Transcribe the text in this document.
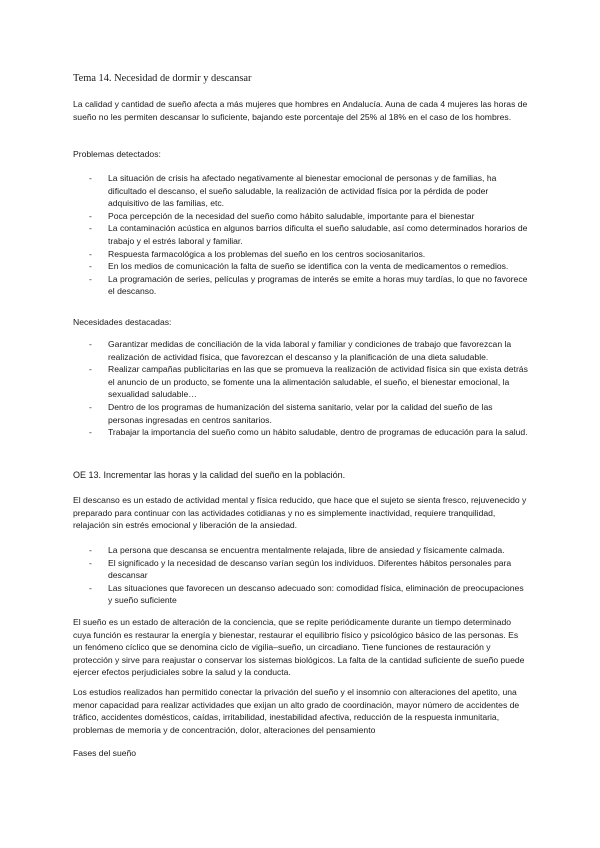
Tema 14. Necesidad de dormir y descansar

La calidad y cantidad de sueño afecta a más mujeres que hombres en Andalucía. Auna de cada 4 mujeres las horas de sueño no les permiten descansar lo suficiente, bajando este porcentaje del 25% al 18% en el caso de los hombres.

Problemas detectados:

- La situación de crisis ha afectado negativamente al bienestar emocional de personas y de familias, ha dificultado el descanso, el sueño saludable, la realización de actividad física por la pérdida de poder adquisitivo de las familias, etc.
- Poca percepción de la necesidad del sueño como hábito saludable, importante para el bienestar
- La contaminación acústica en algunos barrios dificulta el sueño saludable, así como determinados horarios de trabajo y el estrés laboral y familiar.
- Respuesta farmacológica a los problemas del sueño en los centros sociosanitarios.
- En los medios de comunicación la falta de sueño se identifica con la venta de medicamentos o remedios.
- La programación de series, películas y programas de interés se emite a horas muy tardías, lo que no favorece el descanso.

Necesidades destacadas:

- Garantizar medidas de conciliación de la vida laboral y familiar y condiciones de trabajo que favorezcan la realización de actividad física, que favorezcan el descanso y la planificación de una dieta saludable.
- Realizar campañas publicitarias en las que se promueva la realización de actividad física sin que exista detrás el anuncio de un producto, se fomente una la alimentación saludable, el sueño, el bienestar emocional, la sexualidad saludable…
- Dentro de los programas de humanización del sistema sanitario, velar por la calidad del sueño de las personas ingresadas en centros sanitarios.
- Trabajar la importancia del sueño como un hábito saludable, dentro de programas de educación para la salud.

OE 13. Incrementar las horas y la calidad del sueño en la población.

El descanso es un estado de actividad mental y física reducido, que hace que el sujeto se sienta fresco, rejuvenecido y preparado para continuar con las actividades cotidianas y no es simplemente inactividad, requiere tranquilidad, relajación sin estrés emocional y liberación de la ansiedad.

- La persona que descansa se encuentra mentalmente relajada, libre de ansiedad y físicamente calmada.
- El significado y la necesidad de descanso varían según los individuos. Diferentes hábitos personales para descansar
- Las situaciones que favorecen un descanso adecuado son: comodidad física, eliminación de preocupaciones y sueño suficiente

El sueño es un estado de alteración de la conciencia, que se repite periódicamente durante un tiempo determinado cuya función es restaurar la energía y bienestar, restaurar el equilibrio físico y psicológico básico de las personas. Es un fenómeno cíclico que se denomina ciclo de vigilia–sueño, un circadiano. Tiene funciones de restauración y protección y sirve para reajustar o conservar los sistemas biológicos. La falta de la cantidad suficiente de sueño puede ejercer efectos perjudiciales sobre la salud y la conducta.

Los estudios realizados han permitido conectar la privación del sueño y el insomnio con alteraciones del apetito, una menor capacidad para realizar actividades que exijan un alto grado de coordinación, mayor número de accidentes de tráfico, accidentes domésticos, caídas, irritabilidad, inestabilidad afectiva, reducción de la respuesta inmunitaria, problemas de memoria y de concentración, dolor, alteraciones del pensamiento

Fases del sueño
